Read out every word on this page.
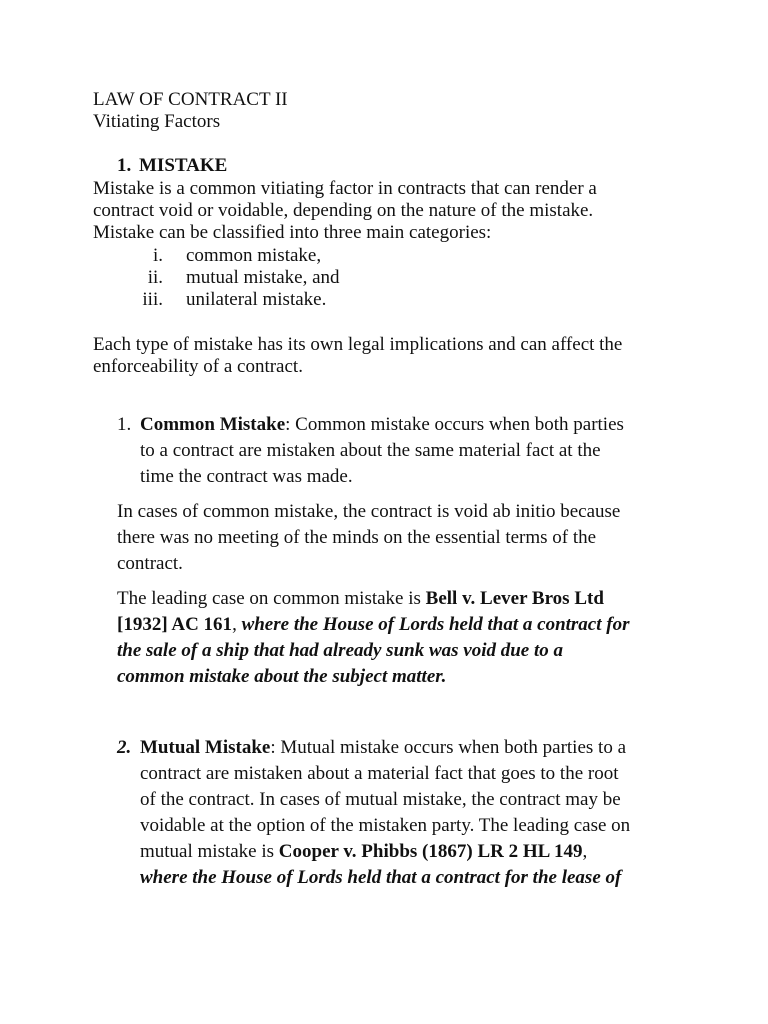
LAW OF CONTRACT II
Vitiating Factors
1. MISTAKE
Mistake is a common vitiating factor in contracts that can render a
contract void or voidable, depending on the nature of the mistake.
Mistake can be classified into three main categories:
i. common mistake,
ii. mutual mistake, and
iii. unilateral mistake.
Each type of mistake has its own legal implications and can affect the
enforceability of a contract.
1. Common Mistake: Common mistake occurs when both parties
to a contract are mistaken about the same material fact at the
time the contract was made.
In cases of common mistake, the contract is void ab initio because
there was no meeting of the minds on the essential terms of the
contract.
The leading case on common mistake is Bell v. Lever Bros Ltd
[1932] AC 161, where the House of Lords held that a contract for
the sale of a ship that had already sunk was void due to a
common mistake about the subject matter.
2. Mutual Mistake: Mutual mistake occurs when both parties to a
contract are mistaken about a material fact that goes to the root
of the contract. In cases of mutual mistake, the contract may be
voidable at the option of the mistaken party. The leading case on
mutual mistake is Cooper v. Phibbs (1867) LR 2 HL 149,
where the House of Lords held that a contract for the lease of
